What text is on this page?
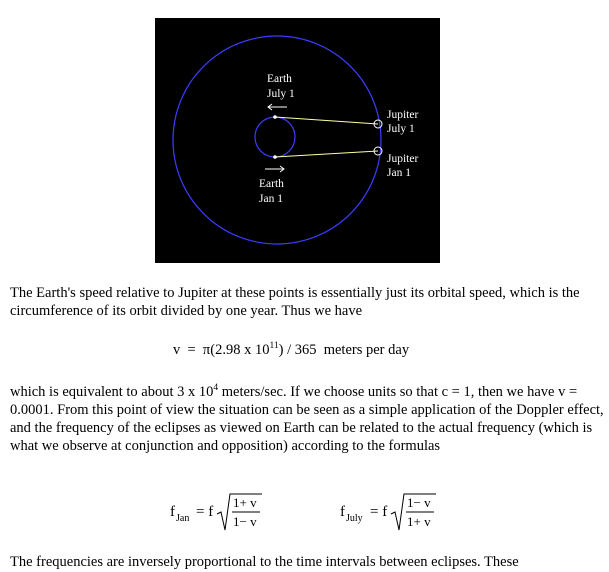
Earth
July 1
Earth
Jan 1
Jupiter
July 1
Jupiter
Jan 1

The Earth's speed relative to Jupiter at these points is essentially just its orbital speed, which is the circumference of its orbit divided by one year. Thus we have

v  =  π(2.98 x $10^{11}) / 365$  meters per day

which is equivalent to about 3 x $10^4$ meters/sec. If we choose units so that c = 1, then we have v = 0.0001. From this point of view the situation can be seen as a simple application of the Doppler effect, and the frequency of the eclipses as viewed on Earth can be related to the actual frequency (which is what we observe at conjunction and opposition) according to the formulas

f Jan = f
1+ v
1− v
f July = f
1− v
1+ v

The frequencies are inversely proportional to the time intervals between eclipses. These
